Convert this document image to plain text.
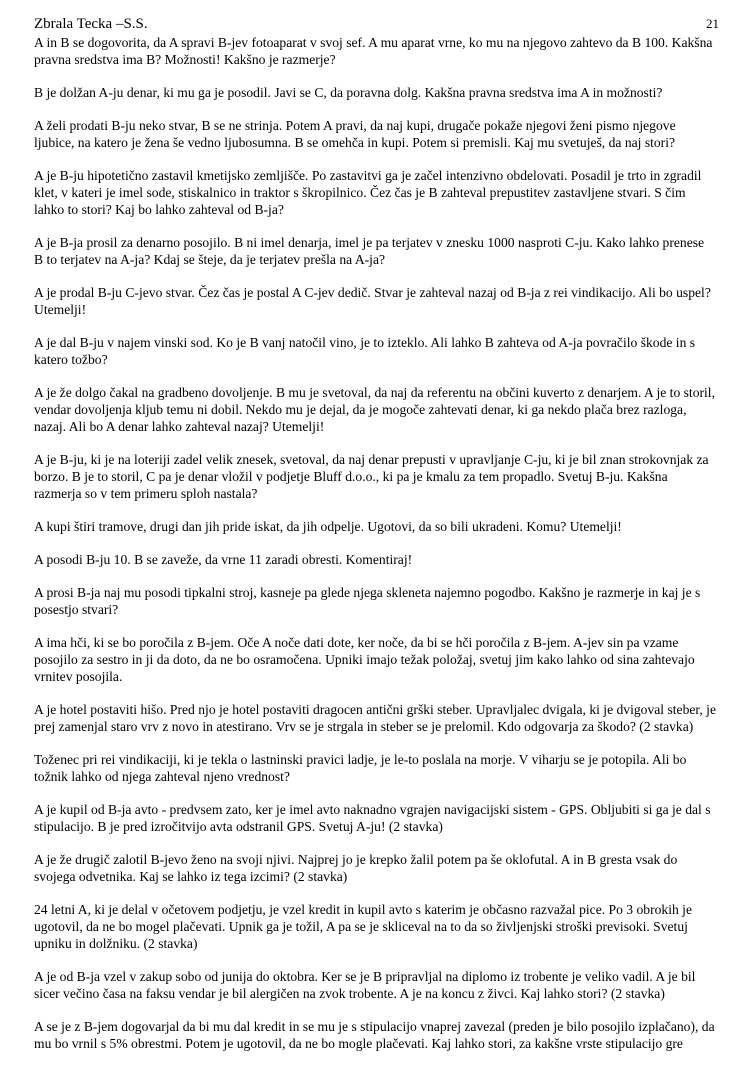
Zbrala Tecka –S.S.	21

A in B se dogovorita, da A spravi B-jev fotoaparat v svoj sef. A mu aparat vrne, ko mu na njegovo zahtevo da B 100. Kakšna pravna sredstva ima B? Možnosti! Kakšno je razmerje?

B je dolžan A-ju denar, ki mu ga je posodil. Javi se C, da poravna dolg. Kakšna pravna sredstva ima A in možnosti?

A želi prodati B-ju neko stvar, B se ne strinja. Potem A pravi, da naj kupi, drugače pokaže njegovi ženi pismo njegove ljubice, na katero je žena še vedno ljubosumna. B se omehča in kupi. Potem si premisli. Kaj mu svetuješ, da naj stori?

A je B-ju hipotetično zastavil kmetijsko zemljišče. Po zastavitvi ga je začel intenzivno obdelovati. Posadil je trto in zgradil klet, v kateri je imel sode, stiskalnico in traktor s škropilnico. Čez čas je B zahteval prepustitev zastavljene stvari. S čim lahko to stori? Kaj bo lahko zahteval od B-ja?

A je B-ja prosil za denarno posojilo. B ni imel denarja, imel je pa terjatev v znesku 1000 nasproti C-ju. Kako lahko prenese B to terjatev na A-ja? Kdaj se šteje, da je terjatev prešla na A-ja?

A je prodal B-ju C-jevo stvar. Čez čas je postal A C-jev dedič. Stvar je zahteval nazaj od B-ja z rei vindikacijo. Ali bo uspel? Utemelji!

A je dal B-ju v najem vinski sod. Ko je B vanj natočil vino, je to izteklo. Ali lahko B zahteva od A-ja povračilo škode in s katero tožbo?

A je že dolgo čakal na gradbeno dovoljenje. B mu je svetoval, da naj da referentu na občini kuverto z denarjem. A je to storil, vendar dovoljenja kljub temu ni dobil. Nekdo mu je dejal, da je mogoče zahtevati denar, ki ga nekdo plača brez razloga, nazaj. Ali bo A denar lahko zahteval nazaj? Utemelji!

A je B-ju, ki je na loteriji zadel velik znesek, svetoval, da naj denar prepusti v upravljanje C-ju, ki je bil znan strokovnjak za borzo. B je to storil, C pa je denar vložil v podjetje Bluff d.o.o., ki pa je kmalu za tem propadlo. Svetuj B-ju. Kakšna razmerja so v tem primeru sploh nastala?

A kupi štiri tramove, drugi dan jih pride iskat, da jih odpelje. Ugotovi, da so bili ukradeni. Komu? Utemelji!

A posodi B-ju 10. B se zaveže, da vrne 11 zaradi obresti. Komentiraj!

A prosi B-ja naj mu posodi tipkalni stroj, kasneje pa glede njega skleneta najemno pogodbo. Kakšno je razmerje in kaj je s posestjo stvari?

A ima hči, ki se bo poročila z B-jem. Oče A noče dati dote, ker noče, da bi se hči poročila z B-jem. A-jev sin pa vzame posojilo za sestro in ji da doto, da ne bo osramočena. Upniki imajo težak položaj, svetuj jim kako lahko od sina zahtevajo vrnitev posojila.

A je hotel postaviti hišo. Pred njo je hotel postaviti dragocen antični grški steber. Upravljalec dvigala, ki je dvigoval steber, je prej zamenjal staro vrv z novo in atestirano. Vrv se je strgala in steber se je prelomil. Kdo odgovarja za škodo? (2 stavka)

Toženec pri rei vindikaciji, ki je tekla o lastninski pravici ladje, je le-to poslala na morje. V viharju se je potopila. Ali bo tožnik lahko od njega zahteval njeno vrednost?

A je kupil od B-ja avto - predvsem zato, ker je imel avto naknadno vgrajen navigacijski sistem - GPS. Obljubiti si ga je dal s stipulacijo. B je pred izročitvijo avta odstranil GPS. Svetuj A-ju! (2 stavka)

A je že drugič zalotil B-jevo ženo na svoji njivi. Najprej jo je krepko žalil potem pa še oklofutal. A in B gresta vsak do svojega odvetnika. Kaj se lahko iz tega izcimi? (2 stavka)

24 letni A, ki je delal v očetovem podjetju, je vzel kredit in kupil avto s katerim je občasno razvažal pice. Po 3 obrokih je ugotovil, da ne bo mogel plačevati. Upnik ga je tožil, A pa se je skliceval na to da so življenjski stroški previsoki. Svetuj upniku in dolžniku. (2 stavka)

A je od B-ja vzel v zakup sobo od junija do oktobra. Ker se je B pripravljal na diplomo iz trobente je veliko vadil. A je bil sicer večino časa na faksu vendar je bil alergičen na zvok trobente. A je na koncu z živci. Kaj lahko stori? (2 stavka)

A se je z B-jem dogovarjal da bi mu dal kredit in se mu je s stipulacijo vnaprej zavezal (preden je bilo posojilo izplačano), da mu bo vrnil s 5% obrestmi. Potem je ugotovil, da ne bo mogle plačevati. Kaj lahko stori, za kakšne vrste stipulacijo gre
